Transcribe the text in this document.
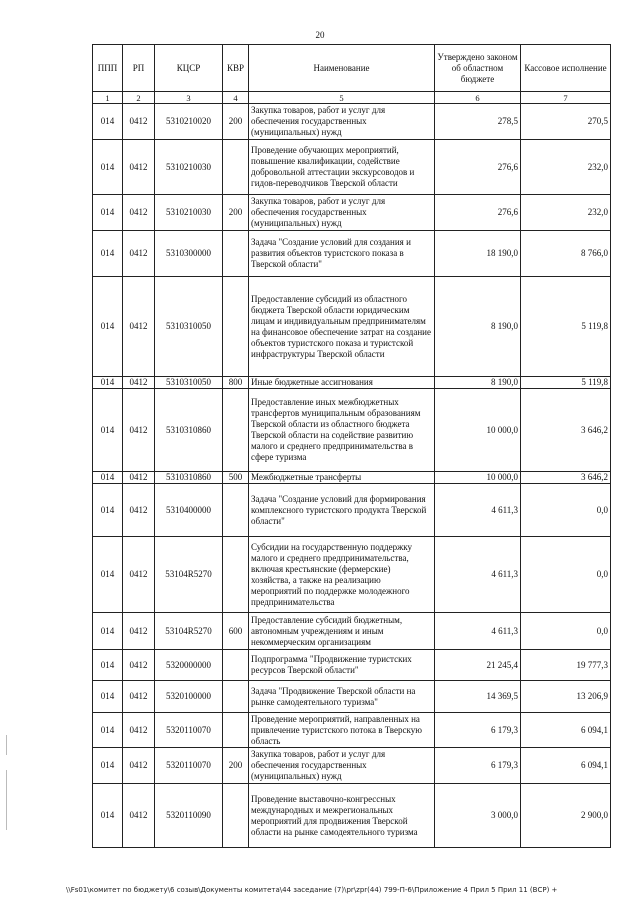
20
ППП	РП	КЦСР	КВР	Наименование	Утверждено законом об областном бюджете	Кассовое исполнение
1	2	3	4	5	6	7
014	0412	5310210020	200	Закупка товаров, работ и услуг для обеспечения государственных (муниципальных) нужд	278,5	270,5
014	0412	5310210030		Проведение обучающих мероприятий, повышение квалификации, содействие добровольной аттестации экскурсоводов и гидов-переводчиков Тверской области	276,6	232,0
014	0412	5310210030	200	Закупка товаров, работ и услуг для обеспечения государственных (муниципальных) нужд	276,6	232,0
014	0412	5310300000		Задача "Создание условий для создания и развития объектов туристского показа в Тверской области"	18 190,0	8 766,0
014	0412	5310310050		Предоставление субсидий из областного бюджета Тверской области юридическим лицам и индивидуальным предпринимателям на финансовое обеспечение затрат на создание объектов туристского показа и туристской инфраструктуры Тверской области	8 190,0	5 119,8
014	0412	5310310050	800	Иные бюджетные ассигнования	8 190,0	5 119,8
014	0412	5310310860		Предоставление иных межбюджетных трансфертов муниципальным образованиям Тверской области из областного бюджета Тверской области на содействие развитию малого и среднего предпринимательства в сфере туризма	10 000,0	3 646,2
014	0412	5310310860	500	Межбюджетные трансферты	10 000,0	3 646,2
014	0412	5310400000		Задача "Создание условий для формирования комплексного туристского продукта Тверской области"	4 611,3	0,0
014	0412	53104R5270		Субсидии на государственную поддержку малого и среднего предпринимательства, включая крестьянские (фермерские) хозяйства, а также на реализацию мероприятий по поддержке молодежного предпринимательства	4 611,3	0,0
014	0412	53104R5270	600	Предоставление субсидий бюджетным, автономным учреждениям и иным некоммерческим организациям	4 611,3	0,0
014	0412	5320000000		Подпрограмма "Продвижение туристских ресурсов Тверской области"	21 245,4	19 777,3
014	0412	5320100000		Задача "Продвижение Тверской области на рынке самодеятельного туризма"	14 369,5	13 206,9
014	0412	5320110070		Проведение мероприятий, направленных на привлечение туристского потока в Тверскую область	6 179,3	6 094,1
014	0412	5320110070	200	Закупка товаров, работ и услуг для обеспечения государственных (муниципальных) нужд	6 179,3	6 094,1
014	0412	5320110090		Проведение выставочно-конгрессных международных и межрегиональных мероприятий для продвижения Тверской области на рынке самодеятельного туризма	3 000,0	2 900,0
\\Fs01\комитет по бюджету\6 созыв\Документы комитета\44 заседание (7)\pr\zpr(44) 799-П-6\Приложение 4 Прил 5 Прил 11 (ВСР) +
